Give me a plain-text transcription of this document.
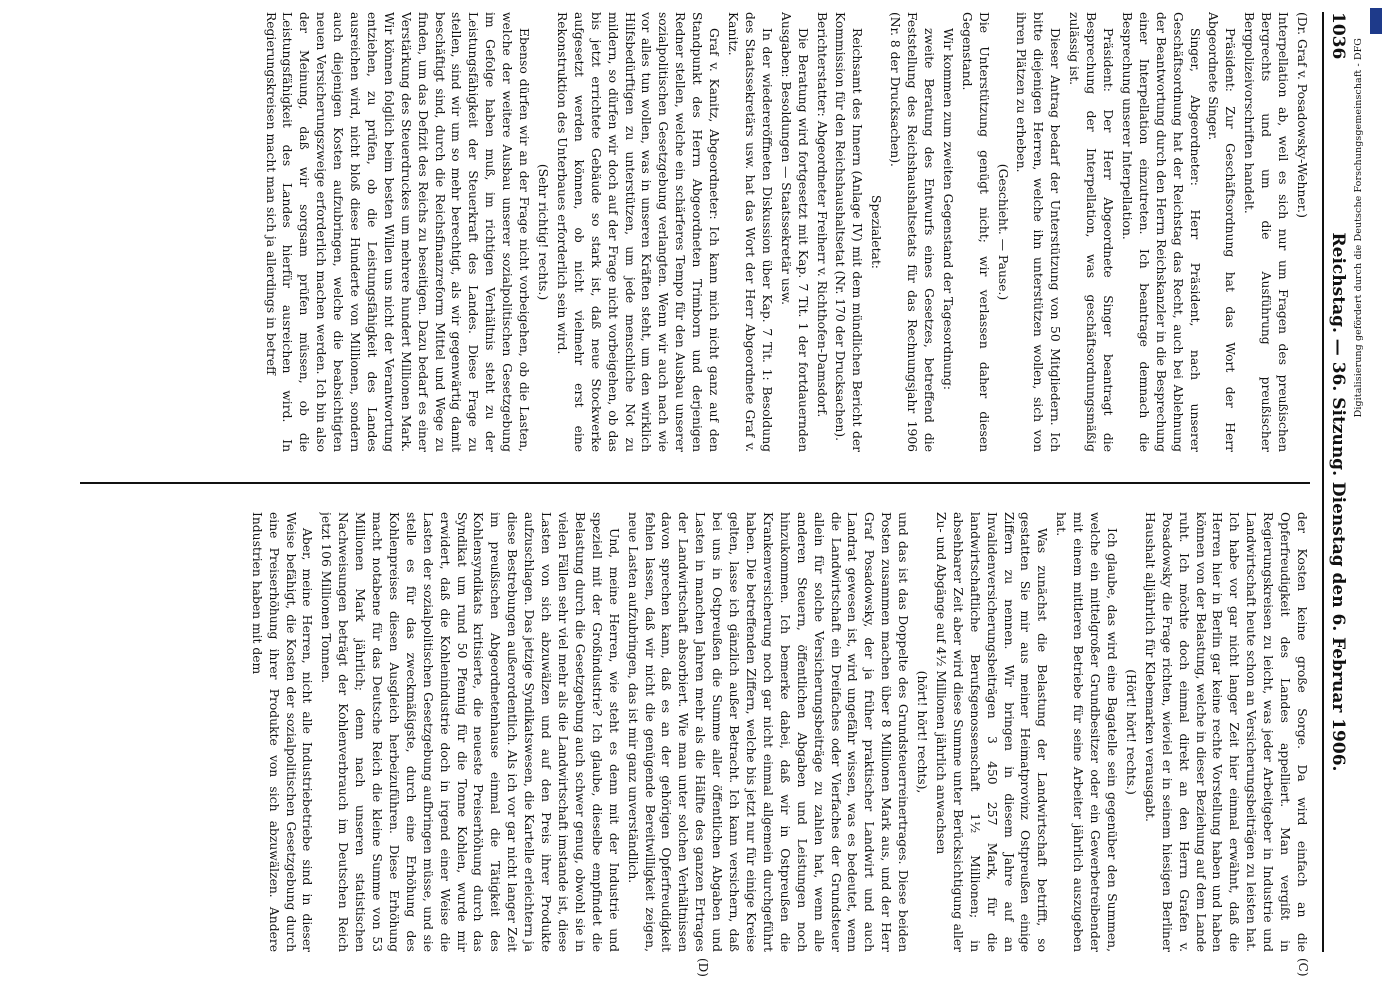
1036
Reichstag. — 36. Sitzung. Dienstag den 6. Februar 1906.
(C)
(D)

(Dr. Graf v. Posadowsky-Wehner.)

Interpellation ab, weil es sich nur um Fragen des preußischen Bergrechts und um die Ausführung preußischer Bergpolizeivorschriften handelt.

Präsident: Zur Geschäftsordnung hat das Wort der Herr Abgeordnete Singer.

Singer, Abgeordneter: Herr Präsident, nach unserer Geschäftsordnung hat der Reichstag das Recht, auch bei Ablehnung der Beantwortung durch den Herrn Reichskanzler in die Besprechung einer Interpellation einzutreten. Ich beantrage demnach die Besprechung unserer Interpellation.

Präsident: Der Herr Abgeordnete Singer beantragt die Besprechung der Interpellation, was geschäftsordnungsmäßig zulässig ist.

Dieser Antrag bedarf der Unterstützung von 50 Mitgliedern. Ich bitte diejenigen Herren, welche ihn unterstützen wollen, sich von ihren Plätzen zu erheben.

(Geschieht. — Pause.)

Die Unterstützung genügt nicht; wir verlassen daher diesen Gegenstand.

Wir kommen zum zweiten Gegenstand der Tagesordnung:

zweite Beratung des Entwurfs eines Gesetzes, betreffend die Feststellung des Reichshaushaltsetats für das Rechnungsjahr 1906 (Nr. 8 der Drucksachen).

Spezialetat:

Reichsamt des Innern (Anlage IV) mit dem mündlichen Bericht der Kommission für den Reichshaushaltsetat (Nr. 170 der Drucksachen).

Berichterstatter: Abgeordneter Freiherr v. Richthofen-Damsdorf.

Die Beratung wird fortgesetzt mit Kap. 7 Tit. 1 der fortdauernden Ausgaben: Besoldungen — Staatssekretär usw.

In der wiedereröffneten Diskussion über Kap. 7 Tit. 1: Besoldung des Staatssekretärs usw. hat das Wort der Herr Abgeordnete Graf v. Kanitz.

Graf v. Kanitz, Abgeordneter: Ich kann mich nicht ganz auf den Standpunkt des Herrn Abgeordneten Trimborn und derjenigen Redner stellen, welche ein schärferes Tempo für den Ausbau unserer sozialpolitischen Gesetzgebung verlangten. Wenn wir auch nach wie vor alles tun wollen, was in unseren Kräften steht, um den wirklich Hilfsbedürftigen zu unterstützen, um jede menschliche Not zu mildern, so dürfen wir doch auf der Frage nicht vorbeigehen, ob das bis jetzt errichtete Gebäude so stark ist, daß neue Stockwerke aufgesetzt werden können, ob nicht vielmehr erst eine Rekonstruktion des Unterbaues erforderlich sein wird.

(Sehr richtig! rechts.)

Ebenso dürfen wir an der Frage nicht vorbeigehen, ob die Lasten, welche der weitere Ausbau unserer sozialpolitischen Gesetzgebung im Gefolge haben muß, im richtigen Verhältnis steht zu der Leistungsfähigkeit der Steuerkraft des Landes. Diese Frage zu stellen, sind wir um so mehr berechtigt, als wir gegenwärtig damit beschäftigt sind, durch die Reichsfinanzreform Mittel und Wege zu finden, um das Defizit des Reichs zu beseitigen. Dazu bedarf es einer Verstärkung des Steuerdruckes um mehrere hundert Millionen Mark. Wir können folglich beim besten Willen uns nicht der Verantwortung entziehen, zu prüfen, ob die Leistungsfähigkeit des Landes ausreichen wird, nicht bloß diese Hunderte von Millionen, sondern auch diejenigen Kosten aufzubringen, welche die beabsichtigten neuen Versicherungszweige erforderlich machen werden. Ich bin also der Meinung, daß wir sorgsam prüfen müssen, ob die Leistungsfähigkeit des Landes hierfür ausreichen wird. In Regierungskreisen macht man sich ja allerdings in betreff

der Kosten keine große Sorge. Da wird einfach an die Opferfreudigkeit des Landes appelliert. Man vergißt in Regierungskreisen zu leicht, was jeder Arbeitgeber in Industrie und Landwirtschaft heute schon an Versicherungsbeiträgen zu leisten hat. Ich habe vor gar nicht langer Zeit hier einmal erwähnt, daß die Herren hier in Berlin gar keine rechte Vorstellung haben und haben können von der Belastung, welche in dieser Beziehung auf dem Lande ruht. Ich möchte doch einmal direkt an den Herrn Grafen v. Posadowsky die Frage richten, wieviel er in seinem hiesigen Berliner Haushalt alljährlich für Klebemarken verausgabt.

(Hört! hört! rechts.)

Ich glaube, das wird eine Bagatelle sein gegenüber den Summen, welche ein mittelgroßer Grundbesitzer oder ein Gewerbetreibender mit einem mittleren Betriebe für seine Arbeiter jährlich auszugeben hat.

Was zunächst die Belastung der Landwirtschaft betrifft, so gestatten Sie mir aus meiner Heimatprovinz Ostpreußen einige Ziffern zu nennen. Wir bringen in diesem Jahre auf an Invalidenversicherungsbeiträgen 3 450 257 Mark, für die landwirtschaftliche Berufsgenossenschaft 1½ Millionen; in absehbarer Zeit aber wird diese Summe unter Berücksichtigung aller Zu- und Abgänge auf 4½ Millionen jährlich anwachsen

(hört! hört! rechts),

und das ist das Doppelte des Grundsteuerreinertrages. Diese beiden Posten zusammen machen über 8 Millionen Mark aus, und der Herr Graf Posadowsky, der ja früher praktischer Landwirt und auch Landrat gewesen ist, wird ungefähr wissen, was es bedeutet, wenn die Landwirtschaft ein Dreifaches oder Vierfaches der Grundsteuer allein für solche Versicherungsbeiträge zu zahlen hat, wenn alle anderen Steuern, öffentlichen Abgaben und Leistungen noch hinzukommen. Ich bemerke dabei, daß wir in Ostpreußen die Krankenversicherung noch gar nicht einmal allgemein durchgeführt haben. Die betreffenden Ziffern, welche bis jetzt nur für einige Kreise gelten, lasse ich gänzlich außer Betracht. Ich kann versichern, daß bei uns in Ostpreußen die Summe aller öffentlichen Abgaben und Lasten in manchen Jahren mehr als die Hälfte des ganzen Ertrages der Landwirtschaft absorbiert. Wie man unter solchen Verhältnissen davon sprechen kann, daß es an der gehörigen Opferfreudigkeit fehlen lassen, daß wir nicht die genügende Bereitwilligkeit zeigen, neue Lasten aufzubringen, das ist mir ganz unverständlich.

Und, meine Herren, wie steht es denn mit der Industrie und speziell mit der Großindustrie? Ich glaube, dieselbe empfindet die Belastung durch die Gesetzgebung auch schwer genug, obwohl sie in vielen Fällen sehr viel mehr als die Landwirtschaft imstande ist, diese Lasten von sich abzuwälzen und auf den Preis ihrer Produkte aufzuschlagen. Das jetzige Syndikatswesen, die Kartelle erleichtern ja diese Bestrebungen außerordentlich. Als ich vor gar nicht langer Zeit im preußischen Abgeordnetenhause einmal die Tätigkeit des Kohlensyndikats kritisierte, die neueste Preiserhöhung durch das Syndikat um rund 50 Pfennig für die Tonne Kohlen, wurde mir erwidert, daß die Kohlenindustrie doch in irgend einer Weise die Lasten der sozialpolitischen Gesetzgebung aufbringen müsse, und sie stelle es für das zweckmäßigste, durch eine Erhöhung des Kohlenpreises diesen Ausgleich herbeizuführen. Diese Erhöhung macht notabene für das Deutsche Reich die kleine Summe von 53 Millionen Mark jährlich; denn nach unseren statistischen Nachweisungen beträgt der Kohlenverbrauch im Deutschen Reich jetzt 106 Millionen Tonnen.

Aber, meine Herren, nicht alle Industriebetriebe sind in dieser Weise befähigt, die Kosten der sozialpolitischen Gesetzgebung durch eine Preiserhöhung ihrer Produkte von sich abzuwälzen. Andere Industrien haben mit dem

Digitalisierung gefördert durch die Deutsche Forschungsgemeinschaft - DFG
